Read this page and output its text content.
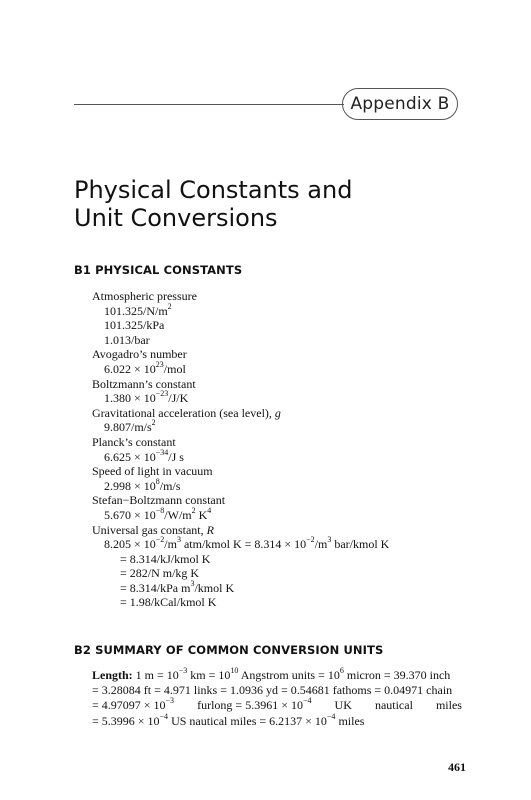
Appendix B
Physical Constants and
Unit Conversions
B1 PHYSICAL CONSTANTS
Atmospheric pressure
$101.325/N/m^2$
101.325/kPa
1.013/bar
Avogadro’s number
$6.022 \times 10^{23}$/mol
Boltzmann’s constant
$1.380 \times 10^{-23}/J/K$
Gravitational acceleration (sea level), g
$9.807/m/s^2$
Planck’s constant
$6.625 \times 10^{-34}/J$ s
Speed of light in vacuum
$2.998 \times 10^8/m/s$
Stefan−Boltzmann constant
$5.670 \times 10^{-8}/W/m^2$ $K^4$
Universal gas constant, R
$8.205 \times 10^{-2}/m^3$ atm/kmol $K = 8.314 \times 10^{-2}/m^3$ bar/kmol K
= 8.314/kJ/kmol K
= 282/N m/kg K
= 8.314/kPa $m^3$/kmol K
= 1.98/kCal/kmol K
B2 SUMMARY OF COMMON CONVERSION UNITS
Length: 1 $m = 10^{-3}$ km = $10^{10}$ Angstrom units = $10^6$ micron = 39.370 inch
= 3.28084 ft = 4.971 links = 1.0936 yd = 0.54681 fathoms = 0.04971 chain
= $4.97097 \times 10^{-3}$ furlong = $5.3961 \times 10^{-4}$ UK nautical miles
= $5.3996 \times 10^{-4}$ US nautical miles = $6.2137 \times 10^{-4}$ miles
461
